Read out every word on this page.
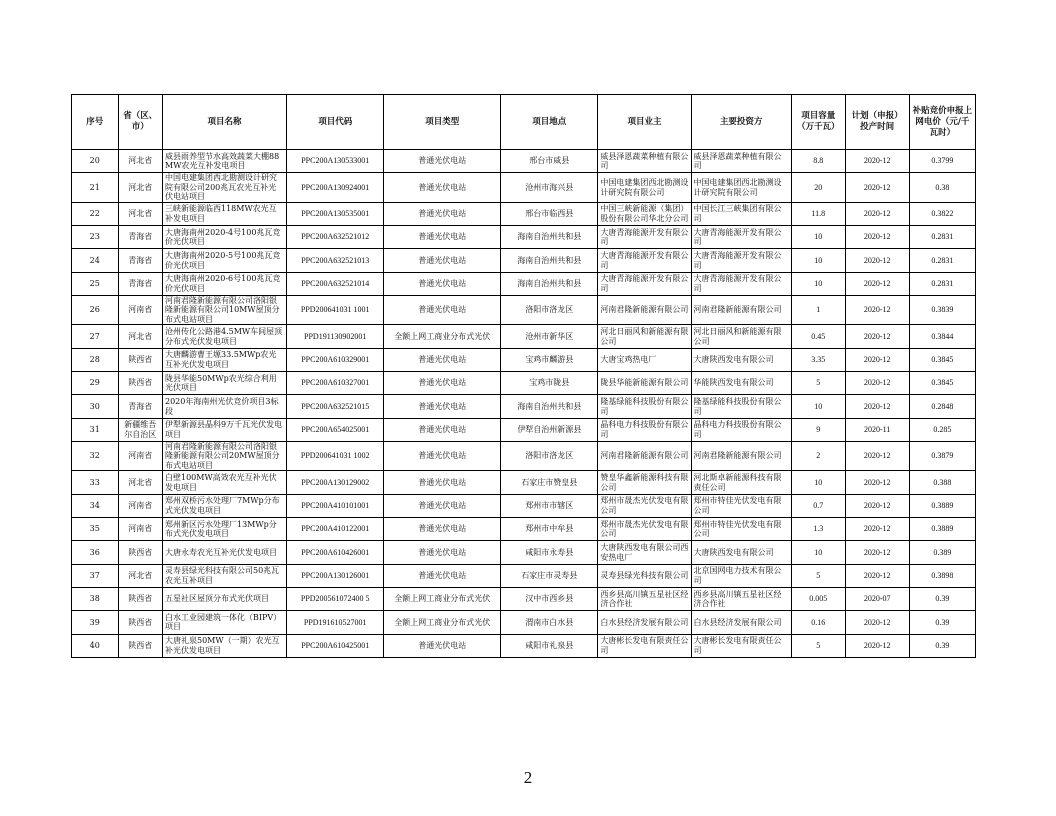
序号	省（区、市）	项目名称	项目代码	项目类型	项目地点	项目业主	主要投资方	项目容量（万千瓦）	计划（申报）投产时间	补贴竞价申报上网电价（元/千瓦时）
20	河北省	威县雨养型节水高效蔬菜大棚88MW农光互补发电项目	PPC200A130533001	普通光伏电站	邢台市威县	威县泽恩蔬菜种植有限公司	威县泽恩蔬菜种植有限公司	8.8	2020-12	0.3799
21	河北省	中国电建集团西北勘测设计研究院有限公司200兆瓦农光互补光伏电站项目	PPC200A130924001	普通光伏电站	沧州市海兴县	中国电建集团西北勘测设计研究院有限公司	中国电建集团西北勘测设计研究院有限公司	20	2020-12	0.38
22	河北省	三峡新能源临西118MW农光互补发电项目	PPC200A130535001	普通光伏电站	邢台市临西县	中国三峡新能源（集团）股份有限公司华北分公司	中国长江三峡集团有限公司	11.8	2020-12	0.3822
23	青海省	大唐海南州2020-4号100兆瓦竞价光伏项目	PPC200A632521012	普通光伏电站	海南自治州共和县	大唐青海能源开发有限公司	大唐青海能源开发有限公司	10	2020-12	0.2831
24	青海省	大唐海南州2020-5号100兆瓦竞价光伏项目	PPC200A632521013	普通光伏电站	海南自治州共和县	大唐青海能源开发有限公司	大唐青海能源开发有限公司	10	2020-12	0.2831
25	青海省	大唐海南州2020-6号100兆瓦竞价光伏项目	PPC200A632521014	普通光伏电站	海南自治州共和县	大唐青海能源开发有限公司	大唐青海能源开发有限公司	10	2020-12	0.2831
26	河南省	河南君隆新能源有限公司洛阳银隆新能源有限公司10MW屋顶分布式电站项目	PPD200641031 1001	普通光伏电站	洛阳市洛龙区	河南君隆新能源有限公司	河南君隆新能源有限公司	1	2020-12	0.3839
27	河北省	沧州传化公路港4.5MW车间屋顶分布式光伏发电项目	PPD191130902001	全额上网工商业分布式光伏	沧州市新华区	河北日丽风和新能源有限公司	河北日丽风和新能源有限公司	0.45	2020-12	0.3844
28	陕西省	大唐麟游曹王塬33.5MWp农光互补光伏发电项目	PPC200A610329001	普通光伏电站	宝鸡市麟游县	大唐宝鸡热电厂	大唐陕西发电有限公司	3.35	2020-12	0.3845
29	陕西省	陇县华能50MWp农光综合利用光伏项目	PPC200A610327001	普通光伏电站	宝鸡市陇县	陇县华能新能源有限公司	华能陕西发电有限公司	5	2020-12	0.3845
30	青海省	2020年海南州光伏竞价项目3标段	PPC200A632521015	普通光伏电站	海南自治州共和县	隆基绿能科技股份有限公司	隆基绿能科技股份有限公司	10	2020-12	0.2848
31	新疆维吾尔自治区	伊犁新源县晶科9万千瓦光伏发电项目	PPC200A654025001	普通光伏电站	伊犁自治州新源县	晶科电力科技股份有限公司	晶科电力科技股份有限公司	9	2020-11	0.285
32	河南省	河南君隆新能源有限公司洛阳银隆新能源有限公司20MW屋顶分布式电站项目	PPD200641031 1002	普通光伏电站	洛阳市洛龙区	河南君隆新能源有限公司	河南君隆新能源有限公司	2	2020-12	0.3879
33	河北省	白壁100MW高效农光互补光伏发电项目	PPC200A130129002	普通光伏电站	石家庄市赞皇县	赞皇华鑫新能源科技有限公司	河北斯卓新能源科技有限责任公司	10	2020-12	0.388
34	河南省	郑州双桥污水处理厂7MWp分布式光伏发电项目	PPC200A410101001	普通光伏电站	郑州市市辖区	郑州市晟杰光伏发电有限公司	郑州市特佳光伏发电有限公司	0.7	2020-12	0.3889
35	河南省	郑州新区污水处理厂13MWp分布式光伏发电项目	PPC200A410122001	普通光伏电站	郑州市中牟县	郑州市晟杰光伏发电有限公司	郑州市特佳光伏发电有限公司	1.3	2020-12	0.3889
36	陕西省	大唐永寿农光互补光伏发电项目	PPC200A610426001	普通光伏电站	咸阳市永寿县	大唐陕西发电有限公司西安热电厂	大唐陕西发电有限公司	10	2020-12	0.389
37	河北省	灵寿县绿光科技有限公司50兆瓦农光互补项目	PPC200A130126001	普通光伏电站	石家庄市灵寿县	灵寿县绿光科技有限公司	北京国网电力技术有限公司	5	2020-12	0.3898
38	陕西省	五星社区屋顶分布式光伏项目	PPD200561072400 5	全额上网工商业分布式光伏	汉中市西乡县	西乡县高川镇五星社区经济合作社	西乡县高川镇五星社区经济合作社	0.005	2020-07	0.39
39	陕西省	白水工业园建筑一体化（BIPV）项目	PPD191610527001	全额上网工商业分布式光伏	渭南市白水县	白水县经济发展有限公司	白水县经济发展有限公司	0.16	2020-12	0.39
40	陕西省	大唐礼泉50MW（一期）农光互补光伏发电项目	PPC200A610425001	普通光伏电站	咸阳市礼泉县	大唐彬长发电有限责任公司	大唐彬长发电有限责任公司	5	2020-12	0.39
2
